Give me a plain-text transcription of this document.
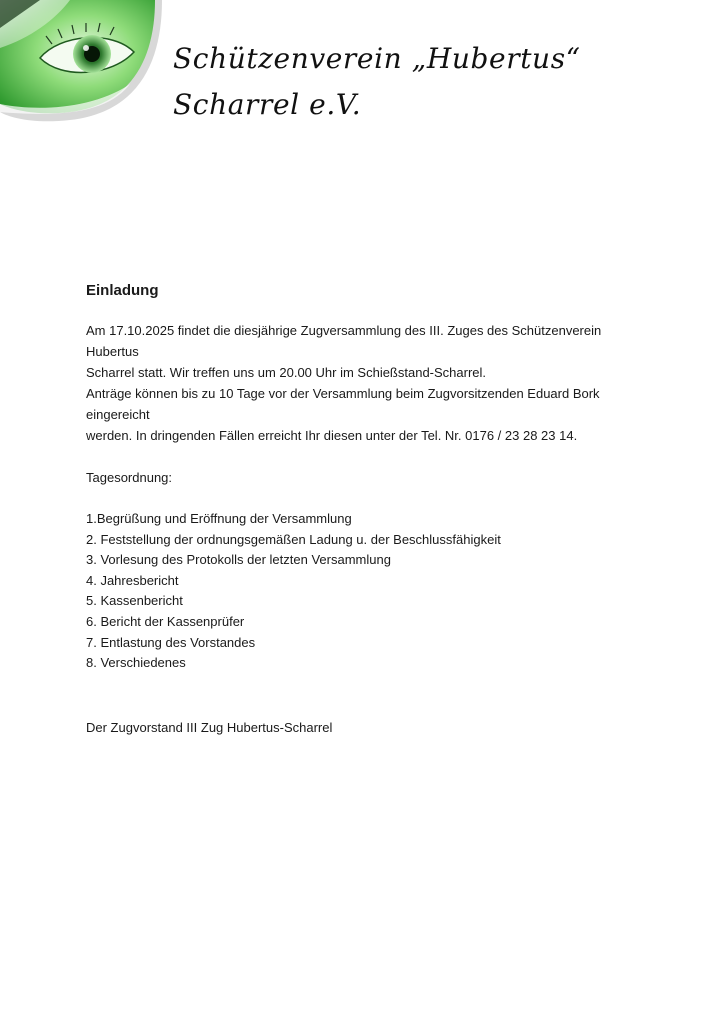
Schützenverein „Hubertus“
Scharrel e.V.
Einladung

Am 17.10.2025 findet die diesjährige Zugversammlung des III. Zuges des Schützenverein Hubertus

Scharrel statt. Wir treffen uns um 20.00 Uhr im Schießstand-Scharrel.

Anträge können bis zu 10 Tage vor der Versammlung beim Zugvorsitzenden Eduard Bork eingereicht

werden. In dringenden Fällen erreicht Ihr diesen unter der Tel. Nr. 0176 / 23 28 23 14.

Tagesordnung:
1.Begrüßung und Eröffnung der Versammlung
2. Feststellung der ordnungsgemäßen Ladung u. der Beschlussfähigkeit
3. Vorlesung des Protokolls der letzten Versammlung
4. Jahresbericht
5. Kassenbericht
6. Bericht der Kassenprüfer
7. Entlastung des Vorstandes
8. Verschiedenes
Der Zugvorstand III Zug Hubertus-Scharrel
